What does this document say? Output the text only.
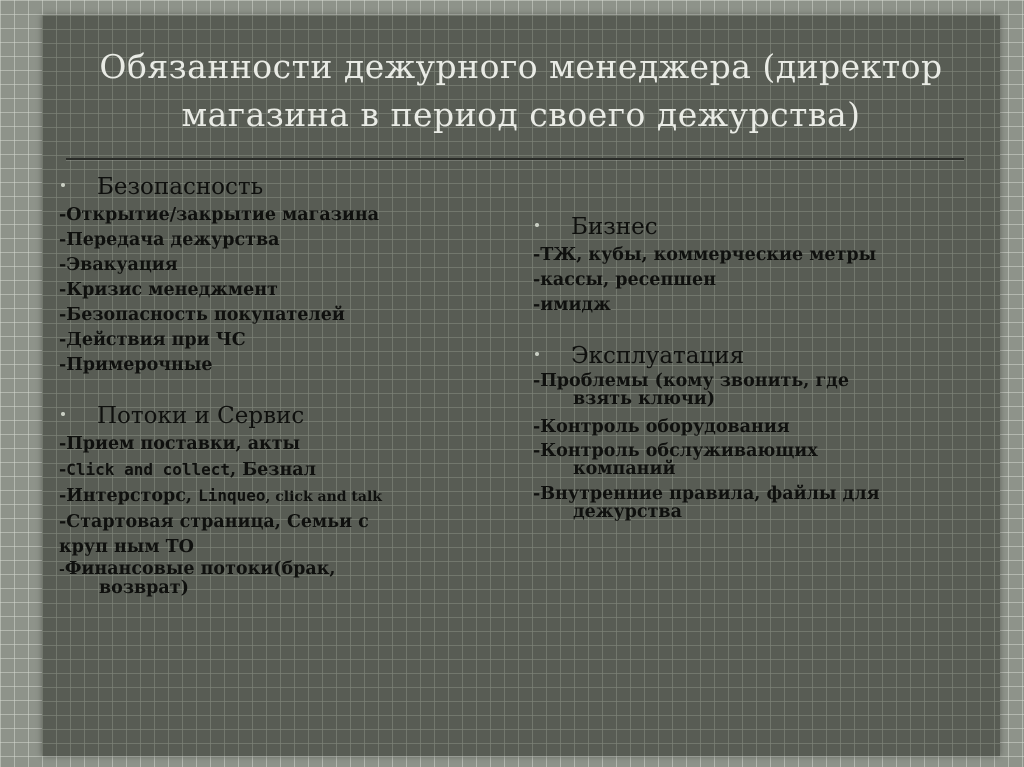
Обязанности дежурного менеджера (директор
магазина в период своего дежурства)
Безопасность
-Открытие/закрытие магазина
-Передача дежурства
-Эвакуация
-Кризис менеджмент
-Безопасность покупателей
-Действия при ЧС
-Примерочные
Потоки и Сервис
-Прием поставки, акты
-Click and collect, Безнал
-Интерсторс, Linqueo, click and talk
-Стартовая страница, Семьи с
круп ным ТО
-Финансовые потоки(брак,
возврат)
Бизнес
-ТЖ, кубы, коммерческие метры
-кассы, ресепшен
-имидж
Эксплуатация
-Проблемы (кому звонить, где
взять ключи)
-Контроль оборудования
-Контроль обслуживающих
компаний
-Внутренние правила, файлы для
дежурства
